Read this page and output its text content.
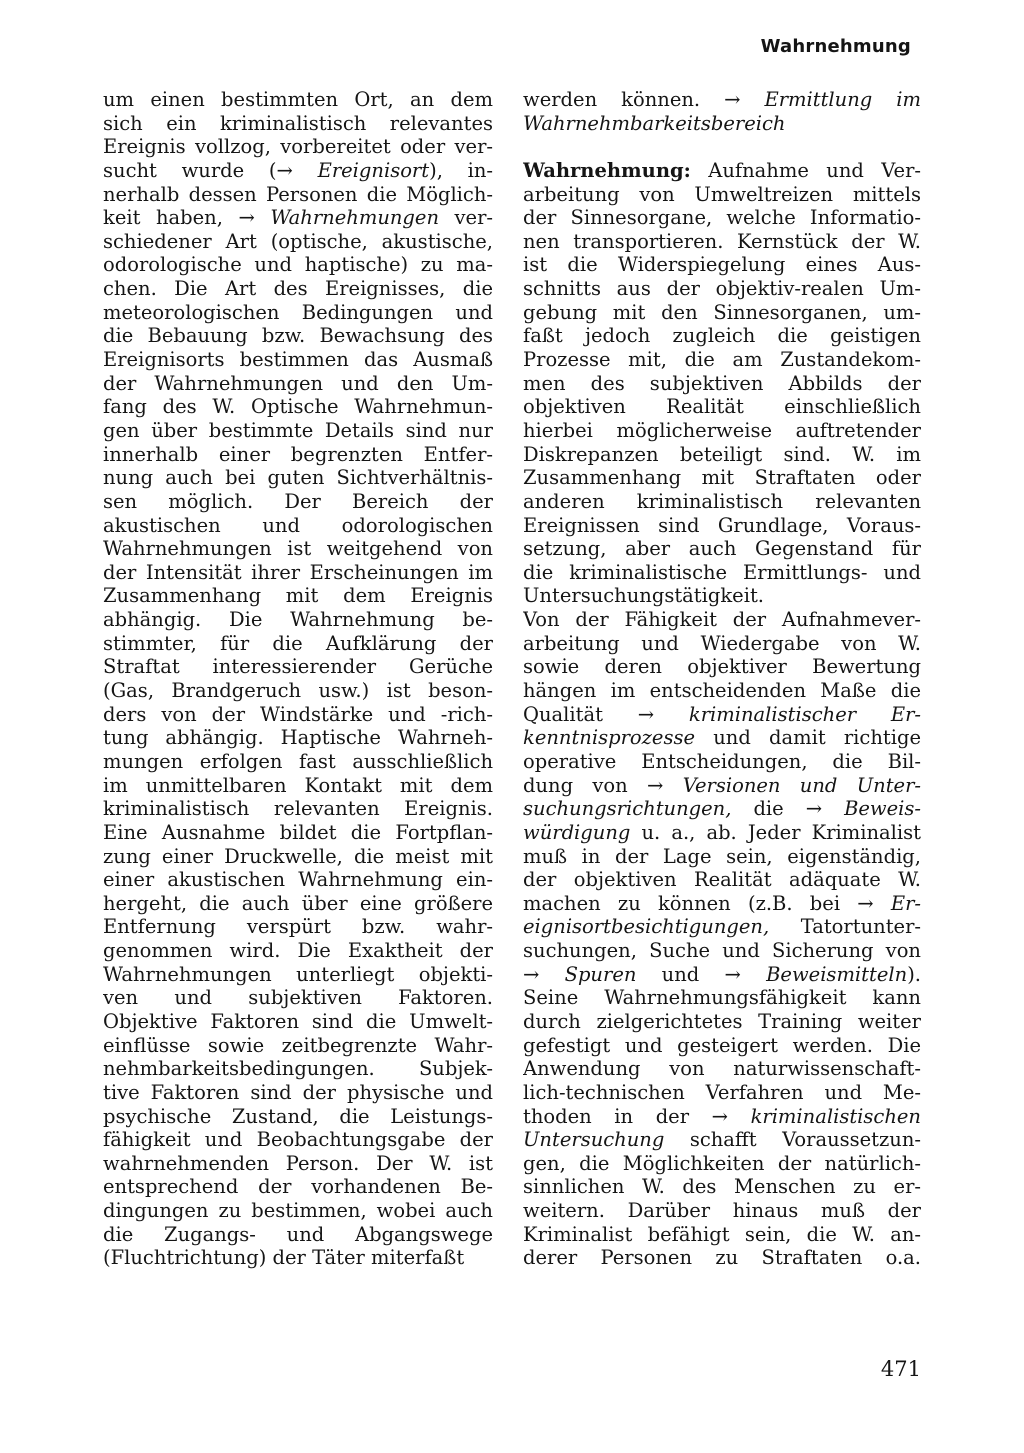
Wahrnehmung
um einen bestimmten Ort, an dem
sich ein kriminalistisch relevantes
Ereignis vollzog, vorbereitet oder ver-
sucht wurde (→ Ereignisort), in-
nerhalb dessen Personen die Möglich-
keit haben, → Wahrnehmungen ver-
schiedener Art (optische, akustische,
odorologische und haptische) zu ma-
chen. Die Art des Ereignisses, die
meteorologischen Bedingungen und
die Bebauung bzw. Bewachsung des
Ereignisorts bestimmen das Ausmaß
der Wahrnehmungen und den Um-
fang des W. Optische Wahrnehmun-
gen über bestimmte Details sind nur
innerhalb einer begrenzten Entfer-
nung auch bei guten Sichtverhältnis-
sen möglich. Der Bereich der
akustischen und odorologischen
Wahrnehmungen ist weitgehend von
der Intensität ihrer Erscheinungen im
Zusammenhang mit dem Ereignis
abhängig. Die Wahrnehmung be-
stimmter, für die Aufklärung der
Straftat interessierender Gerüche
(Gas, Brandgeruch usw.) ist beson-
ders von der Windstärke und -rich-
tung abhängig. Haptische Wahrneh-
mungen erfolgen fast ausschließlich
im unmittelbaren Kontakt mit dem
kriminalistisch relevanten Ereignis.
Eine Ausnahme bildet die Fortpflan-
zung einer Druckwelle, die meist mit
einer akustischen Wahrnehmung ein-
hergeht, die auch über eine größere
Entfernung verspürt bzw. wahr-
genommen wird. Die Exaktheit der
Wahrnehmungen unterliegt objekti-
ven und subjektiven Faktoren.
Objektive Faktoren sind die Umwelt-
einflüsse sowie zeitbegrenzte Wahr-
nehmbarkeitsbedingungen. Subjek-
tive Faktoren sind der physische und
psychische Zustand, die Leistungs-
fähigkeit und Beobachtungsgabe der
wahrnehmenden Person. Der W. ist
entsprechend der vorhandenen Be-
dingungen zu bestimmen, wobei auch
die Zugangs- und Abgangswege
(Fluchtrichtung) der Täter miterfaßt
werden können. → Ermittlung im
Wahrnehmbarkeitsbereich
Wahrnehmung: Aufnahme und Ver-
arbeitung von Umweltreizen mittels
der Sinnesorgane, welche Informatio-
nen transportieren. Kernstück der W.
ist die Widerspiegelung eines Aus-
schnitts aus der objektiv-realen Um-
gebung mit den Sinnesorganen, um-
faßt jedoch zugleich die geistigen
Prozesse mit, die am Zustandekom-
men des subjektiven Abbilds der
objektiven Realität einschließlich
hierbei möglicherweise auftretender
Diskrepanzen beteiligt sind. W. im
Zusammenhang mit Straftaten oder
anderen kriminalistisch relevanten
Ereignissen sind Grundlage, Voraus-
setzung, aber auch Gegenstand für
die kriminalistische Ermittlungs- und
Untersuchungstätigkeit.
Von der Fähigkeit der Aufnahmever-
arbeitung und Wiedergabe von W.
sowie deren objektiver Bewertung
hängen im entscheidenden Maße die
Qualität → kriminalistischer Er-
kenntnisprozesse und damit richtige
operative Entscheidungen, die Bil-
dung von → Versionen und Unter-
suchungsrichtungen, die → Beweis-
würdigung u. a., ab. Jeder Kriminalist
muß in der Lage sein, eigenständig,
der objektiven Realität adäquate W.
machen zu können (z.B. bei → Er-
eignisortbesichtigungen, Tatortunter-
suchungen, Suche und Sicherung von
→ Spuren und → Beweismitteln).
Seine Wahrnehmungsfähigkeit kann
durch zielgerichtetes Training weiter
gefestigt und gesteigert werden. Die
Anwendung von naturwissenschaft-
lich-technischen Verfahren und Me-
thoden in der → kriminalistischen
Untersuchung schafft Voraussetzun-
gen, die Möglichkeiten der natürlich-
sinnlichen W. des Menschen zu er-
weitern. Darüber hinaus muß der
Kriminalist befähigt sein, die W. an-
derer Personen zu Straftaten o.a.
471
